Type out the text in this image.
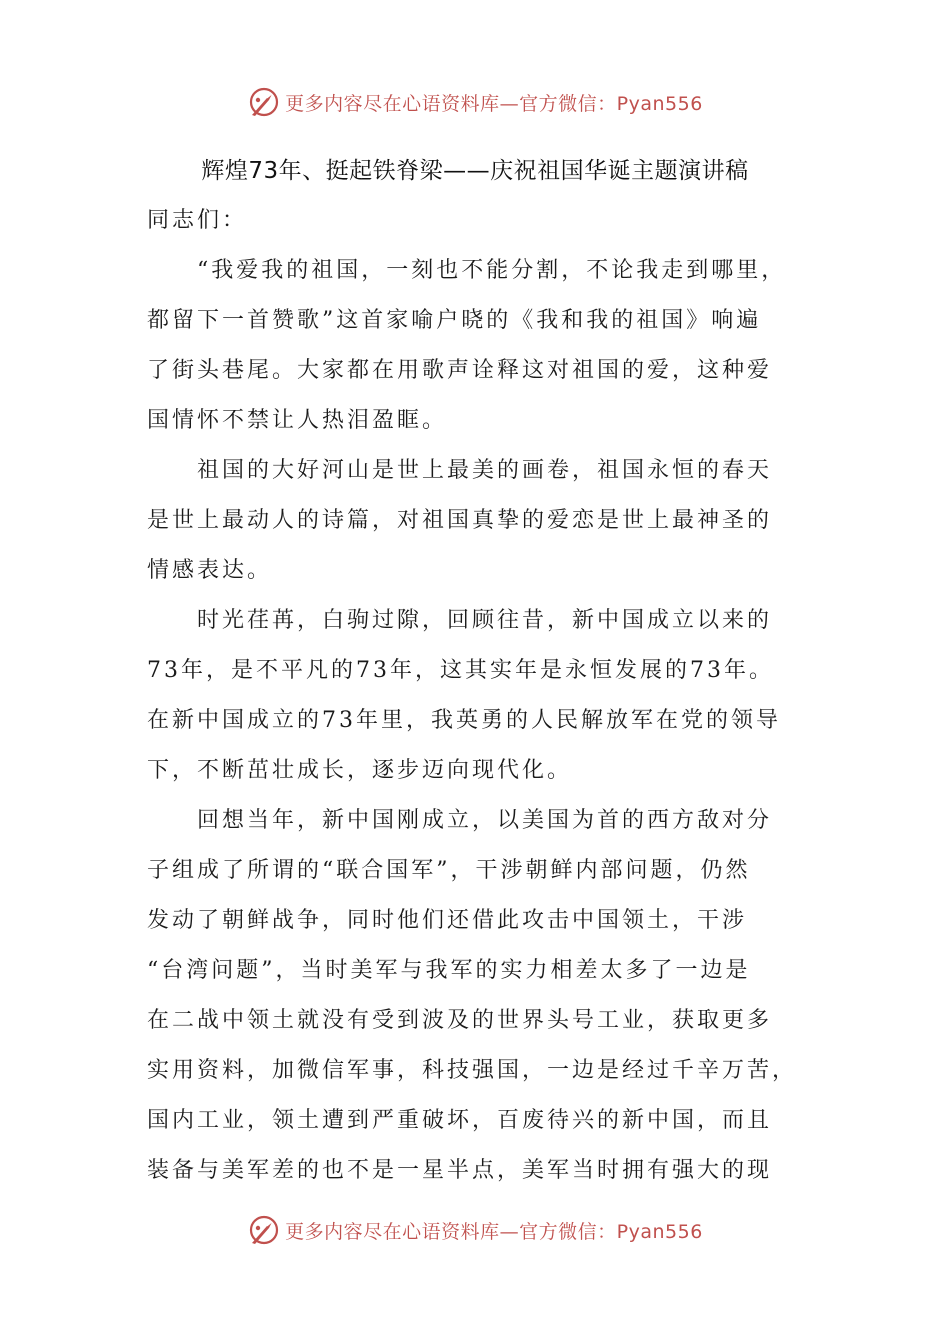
更多内容尽在心语资料库—官方微信：Pyan556
辉煌73年、挺起铁脊梁——庆祝祖国华诞主题演讲稿
同志们：
“我爱我的祖国，一刻也不能分割，不论我走到哪里，
都留下一首赞歌”这首家喻户晓的《我和我的祖国》响遍
了街头巷尾。大家都在用歌声诠释这对祖国的爱，这种爱
国情怀不禁让人热泪盈眶。
祖国的大好河山是世上最美的画卷，祖国永恒的春天
是世上最动人的诗篇，对祖国真挚的爱恋是世上最神圣的
情感表达。
时光荏苒，白驹过隙，回顾往昔，新中国成立以来的
73年，是不平凡的73年，这其实年是永恒发展的73年。
在新中国成立的73年里，我英勇的人民解放军在党的领导
下，不断茁壮成长，逐步迈向现代化。
回想当年，新中国刚成立，以美国为首的西方敌对分
子组成了所谓的“联合国军”，干涉朝鲜内部问题，仍然
发动了朝鲜战争，同时他们还借此攻击中国领土，干涉
“台湾问题”，当时美军与我军的实力相差太多了一边是
在二战中领土就没有受到波及的世界头号工业，获取更多
实用资料，加微信军事，科技强国，一边是经过千辛万苦，
国内工业，领土遭到严重破坏，百废待兴的新中国，而且
装备与美军差的也不是一星半点，美军当时拥有强大的现
更多内容尽在心语资料库—官方微信：Pyan556
